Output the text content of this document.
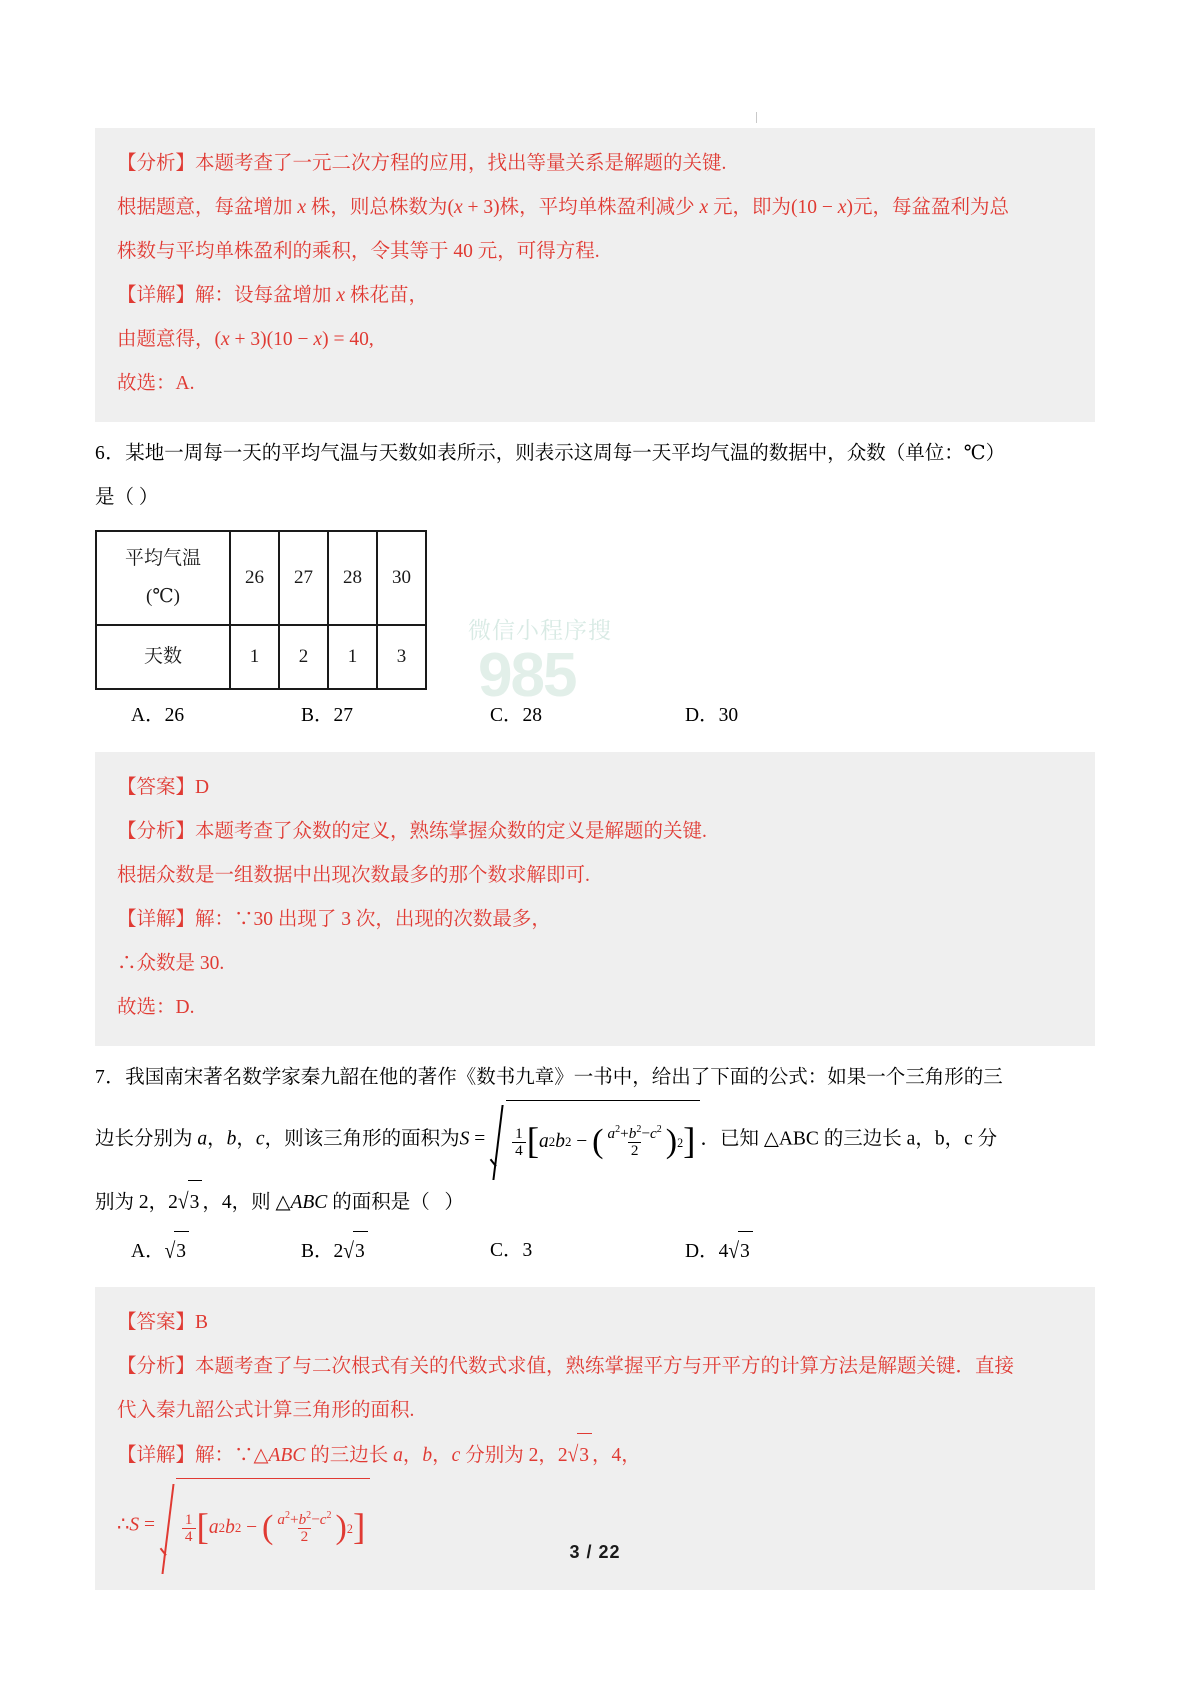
微信小程序搜
985
【分析】本题考查了一元二次方程的应用，找出等量关系是解题的关键.
根据题意，每盆增加 x 株，则总株数为(x + 3)株，平均单株盈利减少 x 元，即为(10 − x)元，每盆盈利为总
株数与平均单株盈利的乘积，令其等于 40 元，可得方程.
【详解】解：设每盆增加 x 株花苗，
由题意得，(x + 3)(10 − x) = 40,
故选：A.
6．某地一周每一天的平均气温与天数如表所示，则表示这周每一天平均气温的数据中，众数（单位：℃）
是（ ）
平均气温
(℃)	26	27	28	30
天数	1	2	1	3
A．26	B．27	C．28	D．30
【答案】D
【分析】本题考查了众数的定义，熟练掌握众数的定义是解题的关键.
根据众数是一组数据中出现次数最多的那个数求解即可.
【详解】解：∵30 出现了 3 次，出现的次数最多，
∴众数是 30.
故选：D.
7．我国南宋著名数学家秦九韶在他的著作《数书九章》一书中，给出了下面的公式：如果一个三角形的三
边长分别为 a，b，c，则该三角形的面积为$S = \frac{1}{4}$ [ a 2 b 2 − ( $\frac{a^2+b^2-c^2}{2}$ ) 2 ] ．已知 △ABC 的三边长 a，b，c 分
别为 2，2√3 ，4，则 △ABC 的面积是（   ）
A．√3	B．2√3	C．3	D．4√3
【答案】B
【分析】本题考查了与二次根式有关的代数式求值，熟练掌握平方与开平方的计算方法是解题关键．直接
代入秦九韶公式计算三角形的面积.
【详解】解：∵△ABC 的三边长 a，b，c 分别为 2，2√3 ，4，
∴S = $\frac{1}{4}$ [ a 2 b 2 − ( $\frac{a^2+b^2-c^2}{2}$ ) 2 ]
3 / 22
